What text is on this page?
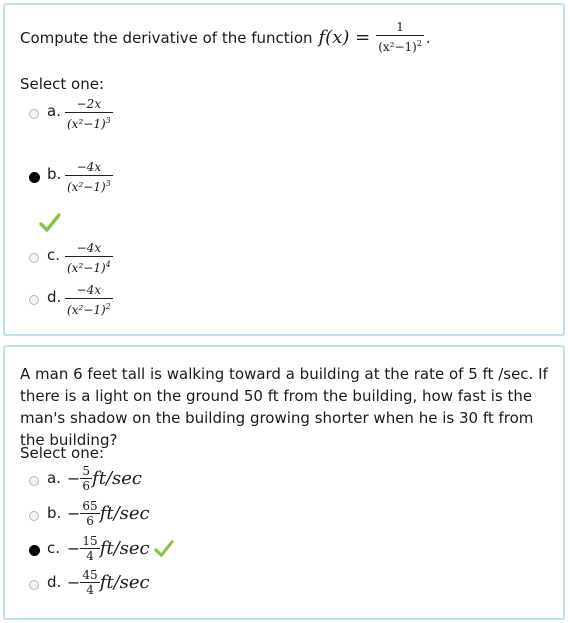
Compute the derivative of the function $f(x) = \frac{1}{(x^2-1)^2}$ .
Select one:
a. $\frac{-2x}{(x^2-1)^3}$
b. $\frac{-4x}{(x^2-1)^3}$
c. $\frac{-4x}{(x^2-1)^4}$
d. $\frac{-4x}{(x^2-1)^2}$
A man 6 feet tall is walking toward a building at the rate of 5 ft /sec. If there is a light on the ground 50 ft from the building, how fast is the man's shadow on the building growing shorter when he is 30 ft from the building?
Select one:
a. − $\frac{5}{6} ft/\sec$
b. − $\frac{65}{6} ft/\sec$
c. − $\frac{15}{4} ft/\sec$
d. − $\frac{45}{4} ft/\sec$
